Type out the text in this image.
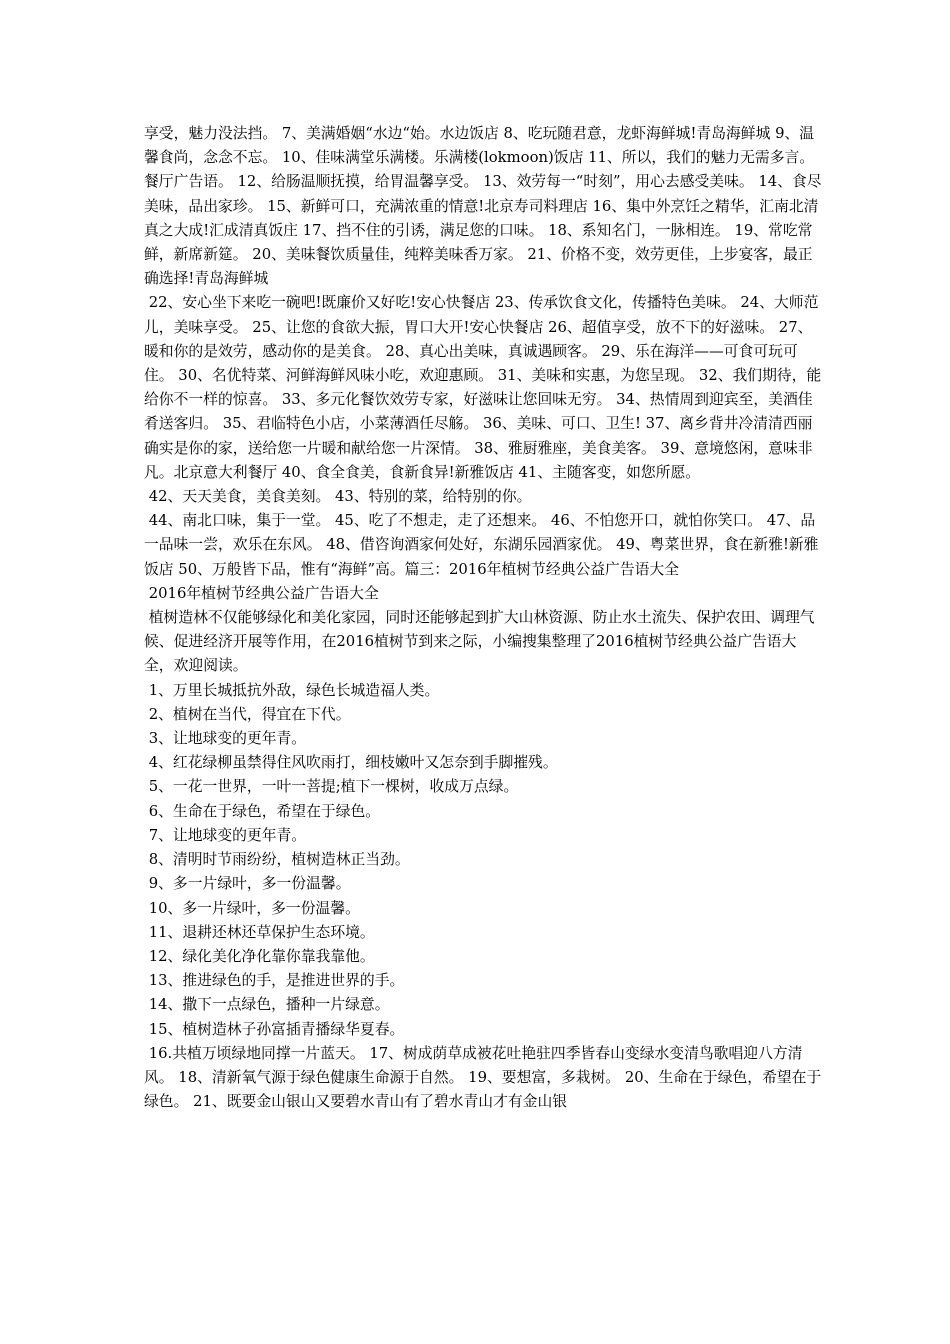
享受，魅力没法挡。 7、美满婚姻“水边“始。水边饭店 8、吃玩随君意，龙虾海鲜城!青岛海鲜城 9、温馨食尚，念念不忘。 10、佳味满堂乐满楼。乐满楼(lokmoon)饭店 11、所以，我们的魅力无需多言。餐厅广告语。 12、给肠温顺抚摸，给胃温馨享受。 13、效劳每一“时刻”，用心去感受美味。 14、食尽美味，品出家珍。 15、新鲜可口，充满浓重的情意!北京寿司料理店 16、集中外烹饪之精华，汇南北清真之大成!汇成清真饭庄 17、挡不住的引诱，满足您的口味。 18、系知名门，一脉相连。 19、常吃常鲜，新席新筵。 20、美味餐饮质量佳，纯粹美味香万家。 21、价格不变，效劳更佳，上步宴客，最正确选择!青岛海鲜城

22、安心坐下来吃一碗吧!既廉价又好吃!安心快餐店 23、传承饮食文化，传播特色美味。 24、大师范儿，美味享受。 25、让您的食欲大振，胃口大开!安心快餐店 26、超值享受，放不下的好滋味。 27、暖和你的是效劳，感动你的是美食。 28、真心出美味，真诚遇顾客。 29、乐在海洋——可食可玩可住。 30、名优特菜、河鲜海鲜风味小吃，欢迎惠顾。 31、美味和实惠，为您呈现。 32、我们期待，能给你不一样的惊喜。 33、多元化餐饮效劳专家，好滋味让您回味无穷。 34、热情周到迎宾至，美酒佳肴送客归。 35、君临特色小店，小菜薄酒任尽觞。 36、美味、可口、卫生! 37、离乡背井冷清清西丽确实是你的家，送给您一片暖和献给您一片深情。 38、雅厨雅座，美食美客。 39、意境悠闲，意味非凡。北京意大利餐厅 40、食全食美，食新食异!新雅饭店 41、主随客变，如您所愿。

42、天天美食，美食美刻。 43、特别的菜，给特别的你。

44、南北口味，集于一堂。 45、吃了不想走，走了还想来。 46、不怕您开口，就怕你笑口。 47、品一品味一尝，欢乐在东风。 48、借咨询酒家何处好，东湖乐园酒家优。 49、粤菜世界，食在新雅!新雅饭店 50、万般皆下品，惟有“海鲜”高。篇三：2016年植树节经典公益广告语大全

2016年植树节经典公益广告语大全

植树造林不仅能够绿化和美化家园，同时还能够起到扩大山林资源、防止水土流失、保护农田、调理气候、促进经济开展等作用，在2016植树节到来之际，小编搜集整理了2016植树节经典公益广告语大全，欢迎阅读。

1、万里长城抵抗外敌，绿色长城造福人类。

2、植树在当代，得宜在下代。

3、让地球变的更年青。

4、红花绿柳虽禁得住风吹雨打，细枝嫩叶又怎奈到手脚摧残。

5、一花一世界，一叶一菩提;植下一棵树，收成万点绿。

6、生命在于绿色，希望在于绿色。

7、让地球变的更年青。

8、清明时节雨纷纷，植树造林正当劲。

9、多一片绿叶，多一份温馨。

10、多一片绿叶，多一份温馨。

11、退耕还林还草保护生态环境。

12、绿化美化净化靠你靠我靠他。

13、推进绿色的手，是推进世界的手。

14、撒下一点绿色，播种一片绿意。

15、植树造林子孙富插青播绿华夏春。

16.共植万顷绿地同撑一片蓝天。 17、树成荫草成被花吐艳驻四季皆春山变绿水变清鸟歌唱迎八方清风。 18、清新氧气源于绿色健康生命源于自然。 19、要想富，多栽树。 20、生命在于绿色，希望在于绿色。 21、既要金山银山又要碧水青山有了碧水青山才有金山银
